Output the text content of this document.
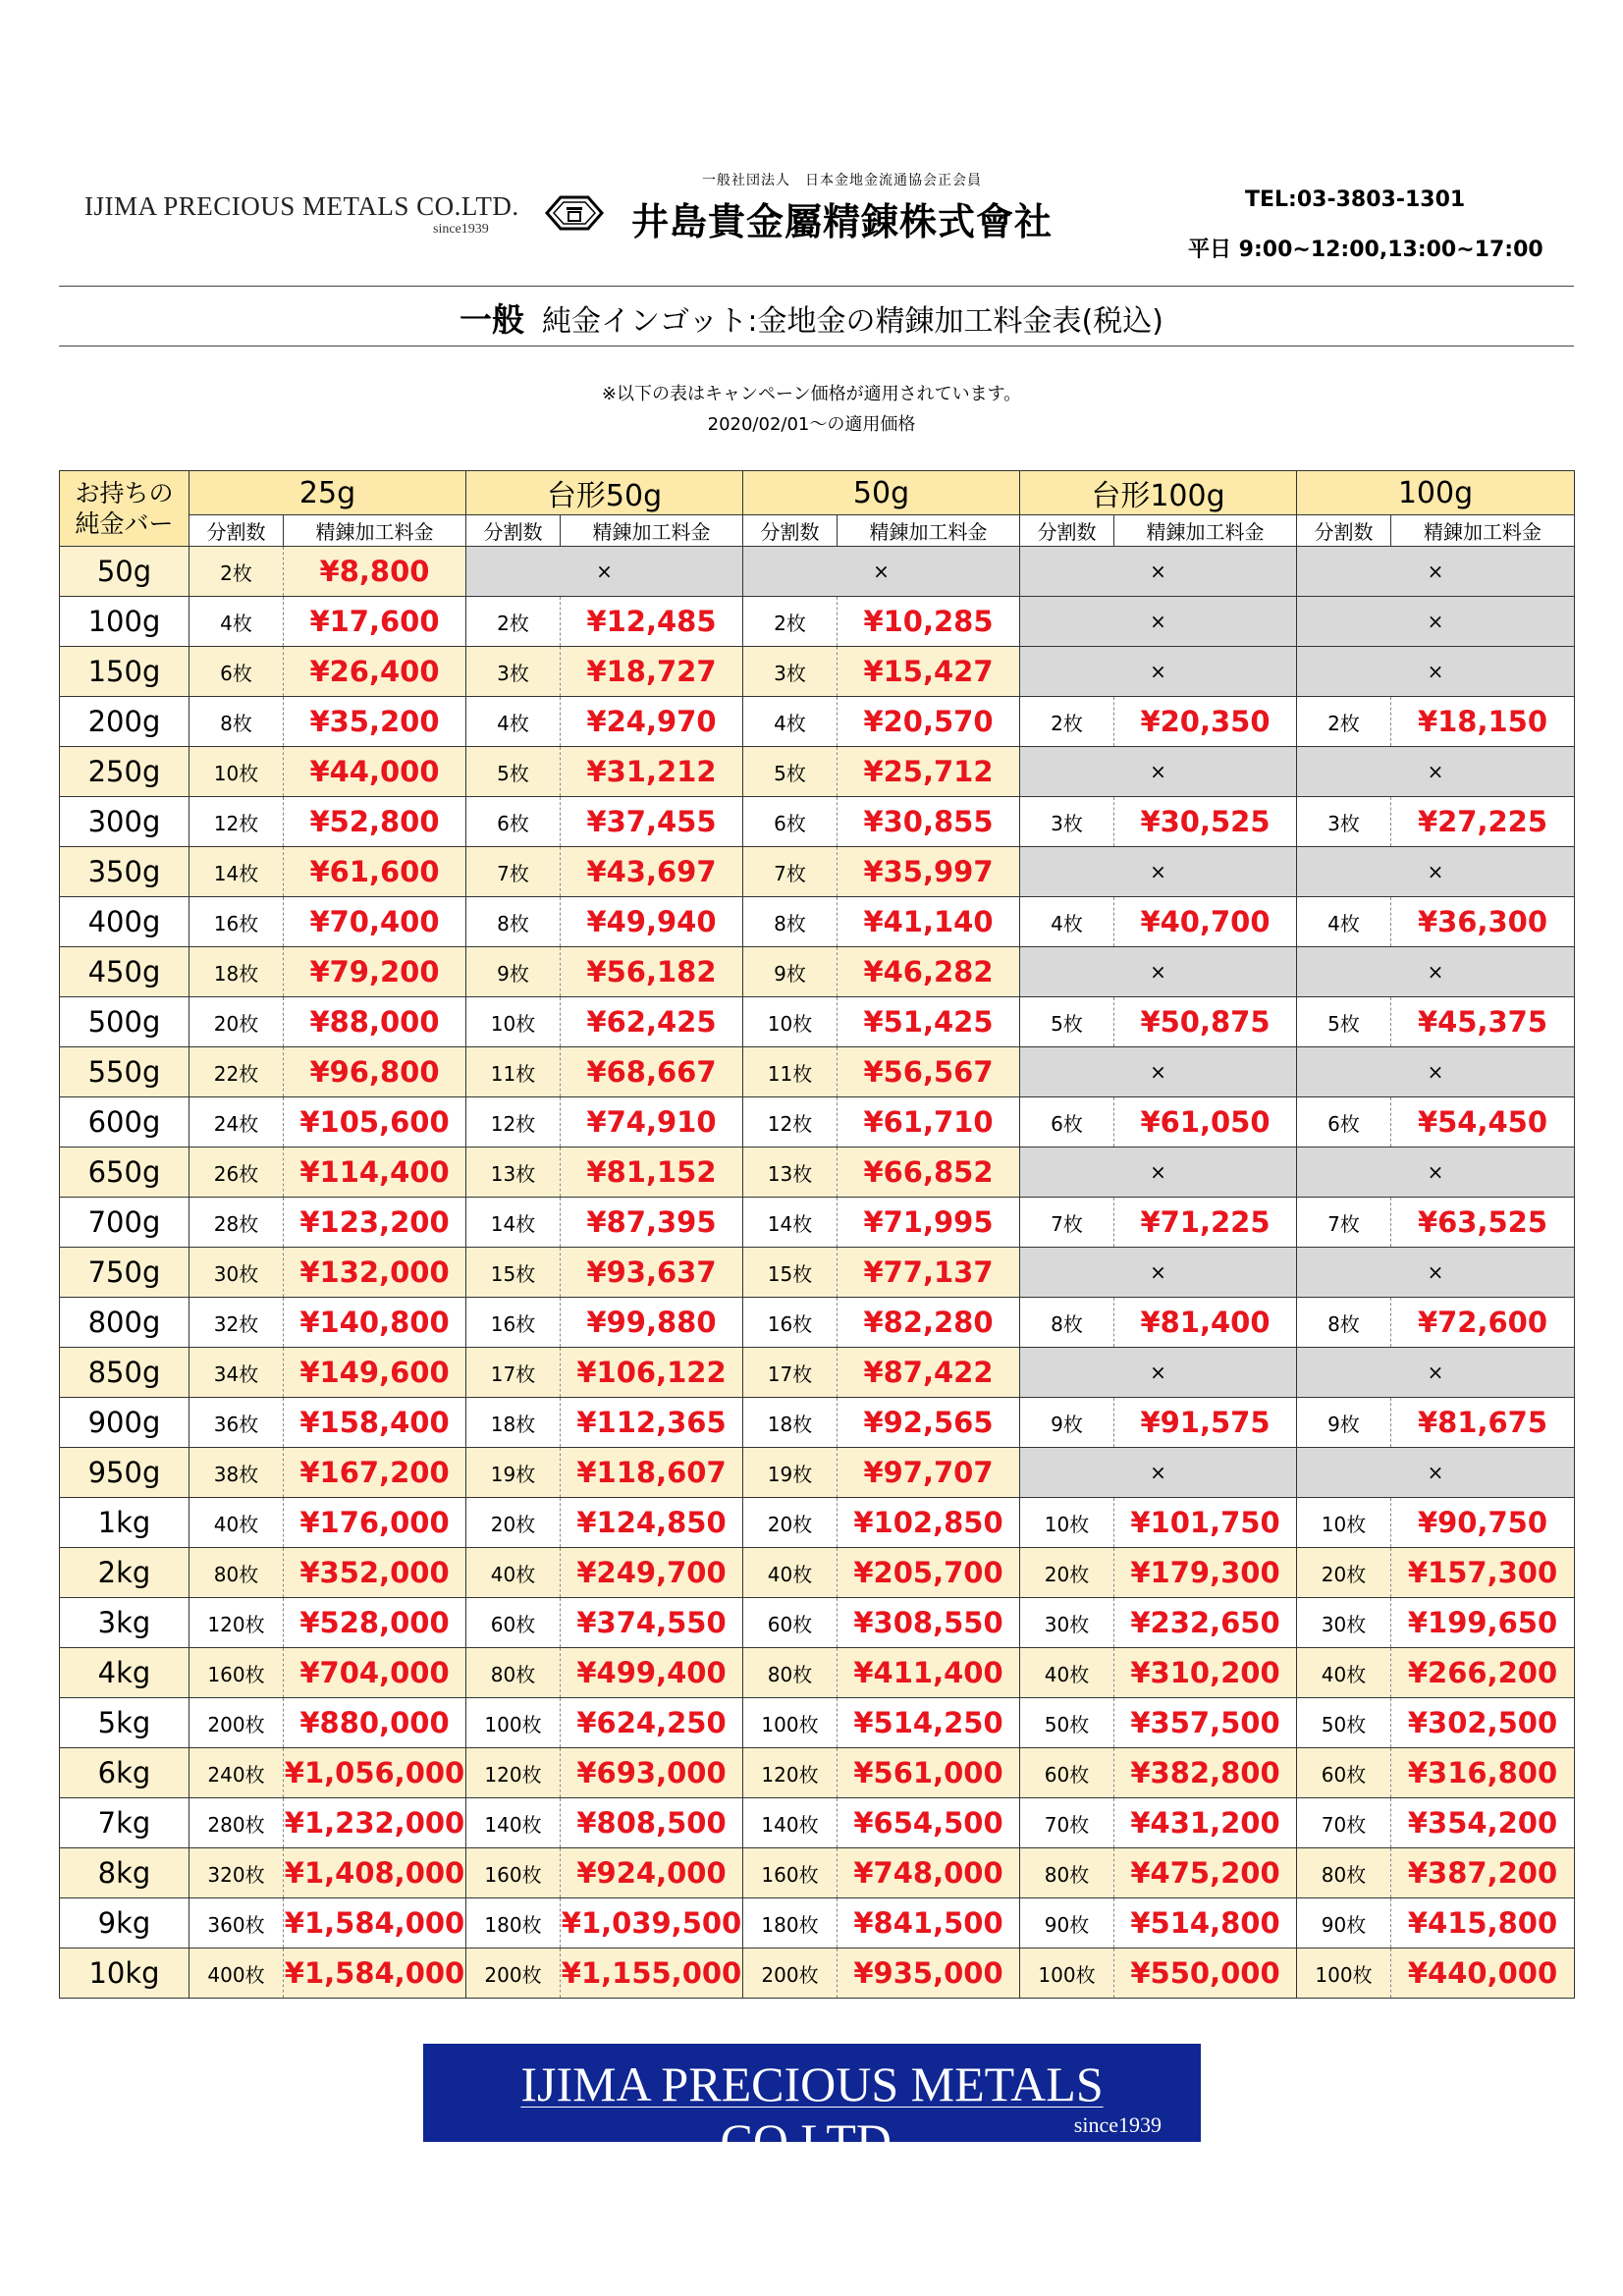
IJIMA PRECIOUS METALS CO.LTD.
since1939
一般社団法人　日本金地金流通協会正会員
井島貴金屬精錬株式會社	TEL:03-3803-1301
平日 9:00~12:00,13:00~17:00
一般 純金インゴット:金地金の精錬加工料金表(税込)
※以下の表はキャンペーン価格が適用されています。
2020/02/01～の適用価格
お持ちの
純金バー	25g		台形50g		50g		台形100g		100g	
	分割数	精錬加工料金	分割数	精錬加工料金	分割数	精錬加工料金	分割数	精錬加工料金	分割数	精錬加工料金
50g	2枚	¥8,800	×		×		×		×	
100g	4枚	¥17,600	2枚	¥12,485	2枚	¥10,285	×		×	
150g	6枚	¥26,400	3枚	¥18,727	3枚	¥15,427	×		×	
200g	8枚	¥35,200	4枚	¥24,970	4枚	¥20,570	2枚	¥20,350	2枚	¥18,150
250g	10枚	¥44,000	5枚	¥31,212	5枚	¥25,712	×		×	
300g	12枚	¥52,800	6枚	¥37,455	6枚	¥30,855	3枚	¥30,525	3枚	¥27,225
350g	14枚	¥61,600	7枚	¥43,697	7枚	¥35,997	×		×	
400g	16枚	¥70,400	8枚	¥49,940	8枚	¥41,140	4枚	¥40,700	4枚	¥36,300
450g	18枚	¥79,200	9枚	¥56,182	9枚	¥46,282	×		×	
500g	20枚	¥88,000	10枚	¥62,425	10枚	¥51,425	5枚	¥50,875	5枚	¥45,375
550g	22枚	¥96,800	11枚	¥68,667	11枚	¥56,567	×		×	
600g	24枚	¥105,600	12枚	¥74,910	12枚	¥61,710	6枚	¥61,050	6枚	¥54,450
650g	26枚	¥114,400	13枚	¥81,152	13枚	¥66,852	×		×	
700g	28枚	¥123,200	14枚	¥87,395	14枚	¥71,995	7枚	¥71,225	7枚	¥63,525
750g	30枚	¥132,000	15枚	¥93,637	15枚	¥77,137	×		×	
800g	32枚	¥140,800	16枚	¥99,880	16枚	¥82,280	8枚	¥81,400	8枚	¥72,600
850g	34枚	¥149,600	17枚	¥106,122	17枚	¥87,422	×		×	
900g	36枚	¥158,400	18枚	¥112,365	18枚	¥92,565	9枚	¥91,575	9枚	¥81,675
950g	38枚	¥167,200	19枚	¥118,607	19枚	¥97,707	×		×	
1kg	40枚	¥176,000	20枚	¥124,850	20枚	¥102,850	10枚	¥101,750	10枚	¥90,750
2kg	80枚	¥352,000	40枚	¥249,700	40枚	¥205,700	20枚	¥179,300	20枚	¥157,300
3kg	120枚	¥528,000	60枚	¥374,550	60枚	¥308,550	30枚	¥232,650	30枚	¥199,650
4kg	160枚	¥704,000	80枚	¥499,400	80枚	¥411,400	40枚	¥310,200	40枚	¥266,200
5kg	200枚	¥880,000	100枚	¥624,250	100枚	¥514,250	50枚	¥357,500	50枚	¥302,500
6kg	240枚	¥1,056,000	120枚	¥693,000	120枚	¥561,000	60枚	¥382,800	60枚	¥316,800
7kg	280枚	¥1,232,000	140枚	¥808,500	140枚	¥654,500	70枚	¥431,200	70枚	¥354,200
8kg	320枚	¥1,408,000	160枚	¥924,000	160枚	¥748,000	80枚	¥475,200	80枚	¥387,200
9kg	360枚	¥1,584,000	180枚	¥1,039,500	180枚	¥841,500	90枚	¥514,800	90枚	¥415,800
10kg	400枚	¥1,584,000	200枚	¥1,155,000	200枚	¥935,000	100枚	¥550,000	100枚	¥440,000
IJIMA PRECIOUS METALS CO.LTD.	since1939
